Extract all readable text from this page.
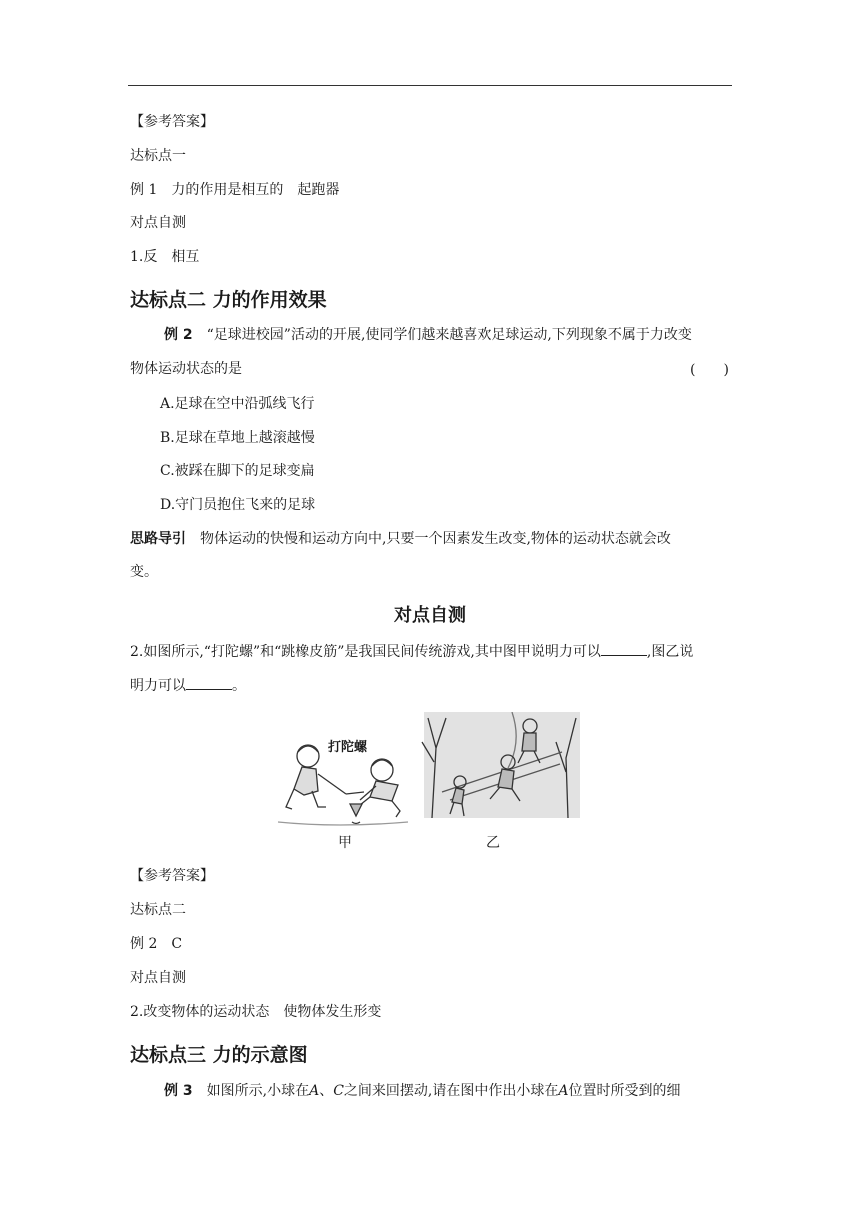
【参考答案】
达标点一
例 1 力的作用是相互的 起跑器
对点自测
1.反 相互
达标点二 力的作用效果
例 2 “足球进校园”活动的开展,使同学们越来越喜欢足球运动,下列现象不属于力改变
物体运动状态的是	(　　)
A.足球在空中沿弧线飞行
B.足球在草地上越滚越慢
C.被踩在脚下的足球变扁
D.守门员抱住飞来的足球
思路导引 物体运动的快慢和运动方向中,只要一个因素发生改变,物体的运动状态就会改
变。
对点自测
2.如图所示,“打陀螺”和“跳橡皮筋”是我国民间传统游戏,其中图甲说明力可以	,图乙说
明力可以	。
打陀螺
甲	乙
【参考答案】
达标点二
例 2 C
对点自测
2.改变物体的运动状态 使物体发生形变
达标点三 力的示意图
例 3 如图所示,小球在A、C之间来回摆动,请在图中作出小球在A位置时所受到的细
